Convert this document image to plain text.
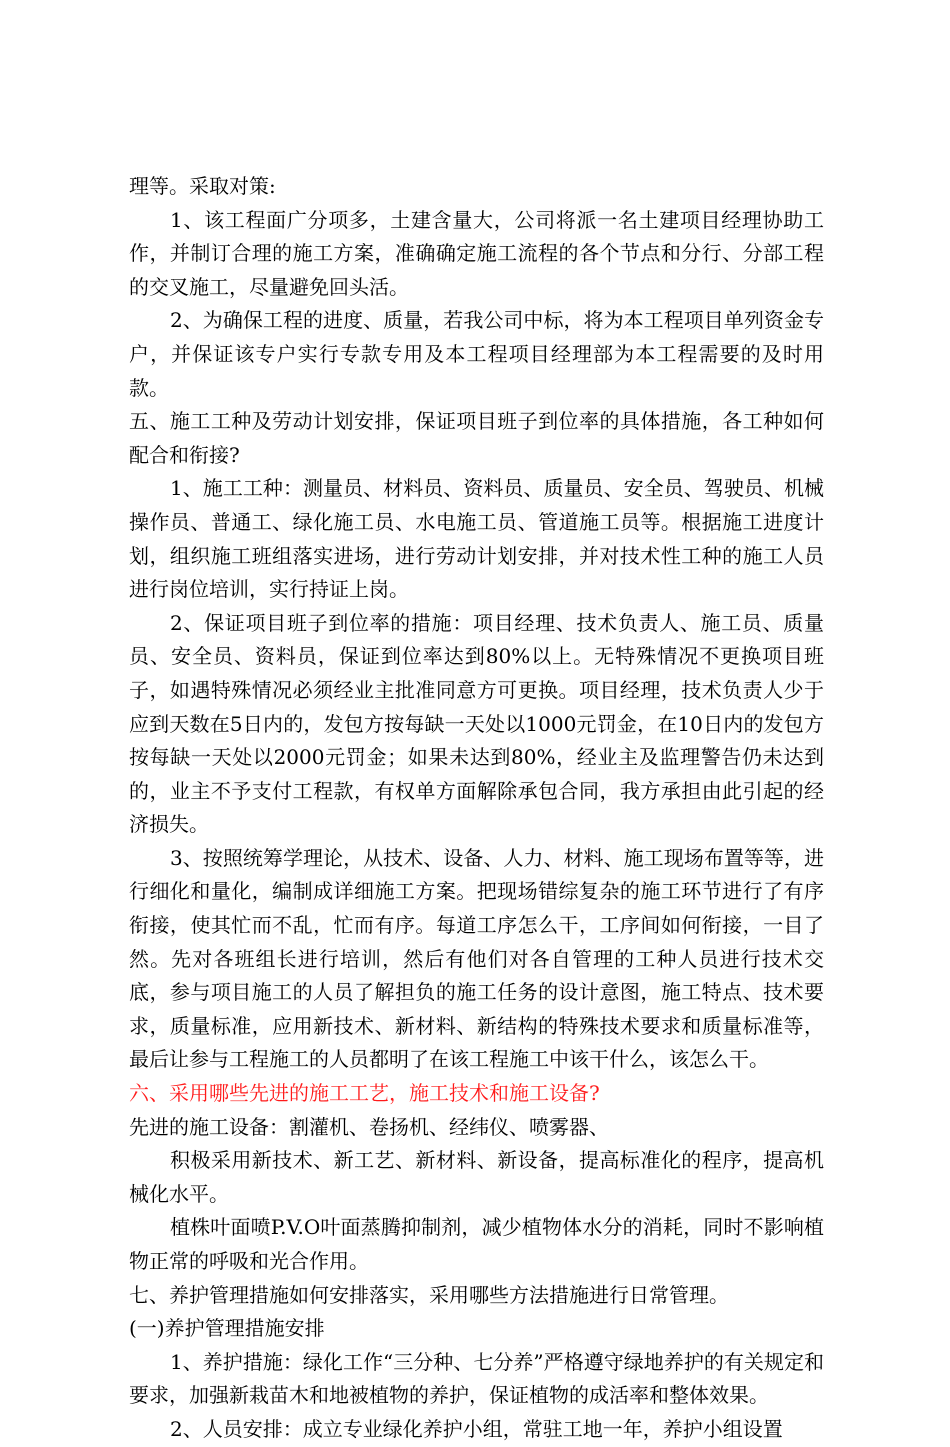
理等。采取对策:

1、该工程面广分项多，土建含量大，公司将派一名土建项目经理协助工作，并制订合理的施工方案，准确确定施工流程的各个节点和分行、分部工程的交叉施工，尽量避免回头活。

2、为确保工程的进度、质量，若我公司中标，将为本工程项目单列资金专户，并保证该专户实行专款专用及本工程项目经理部为本工程需要的及时用款。

五、施工工种及劳动计划安排，保证项目班子到位率的具体措施，各工种如何配合和衔接?

1、施工工种：测量员、材料员、资料员、质量员、安全员、驾驶员、机械操作员、普通工、绿化施工员、水电施工员、管道施工员等。根据施工进度计划，组织施工班组落实进场，进行劳动计划安排，并对技术性工种的施工人员进行岗位培训，实行持证上岗。

2、保证项目班子到位率的措施：项目经理、技术负责人、施工员、质量员、安全员、资料员，保证到位率达到80%以上。无特殊情况不更换项目班子，如遇特殊情况必须经业主批准同意方可更换。项目经理，技术负责人少于应到天数在5日内的，发包方按每缺一天处以1000元罚金，在10日内的发包方按每缺一天处以2000元罚金；如果未达到80%，经业主及监理警告仍未达到的，业主不予支付工程款，有权单方面解除承包合同，我方承担由此引起的经济损失。

3、按照统筹学理论，从技术、设备、人力、材料、施工现场布置等等，进行细化和量化，编制成详细施工方案。把现场错综复杂的施工环节进行了有序衔接，使其忙而不乱，忙而有序。每道工序怎么干，工序间如何衔接，一目了然。先对各班组长进行培训，然后有他们对各自管理的工种人员进行技术交底，参与项目施工的人员了解担负的施工任务的设计意图，施工特点、技术要求，质量标准，应用新技术、新材料、新结构的特殊技术要求和质量标准等，最后让参与工程施工的人员都明了在该工程施工中该干什么，该怎么干。

六、采用哪些先进的施工工艺，施工技术和施工设备?

先进的施工设备：割灌机、卷扬机、经纬仪、喷雾器、

积极采用新技术、新工艺、新材料、新设备，提高标准化的程序，提高机械化水平。

植株叶面喷P.V.O叶面蒸腾抑制剂，减少植物体水分的消耗，同时不影响植物正常的呼吸和光合作用。

七、养护管理措施如何安排落实，采用哪些方法措施进行日常管理。

(一)养护管理措施安排

1、养护措施：绿化工作“三分种、七分养”严格遵守绿地养护的有关规定和要求，加强新栽苗木和地被植物的养护，保证植物的成活率和整体效果。

2、人员安排：成立专业绿化养护小组，常驻工地一年，养护小组设置
